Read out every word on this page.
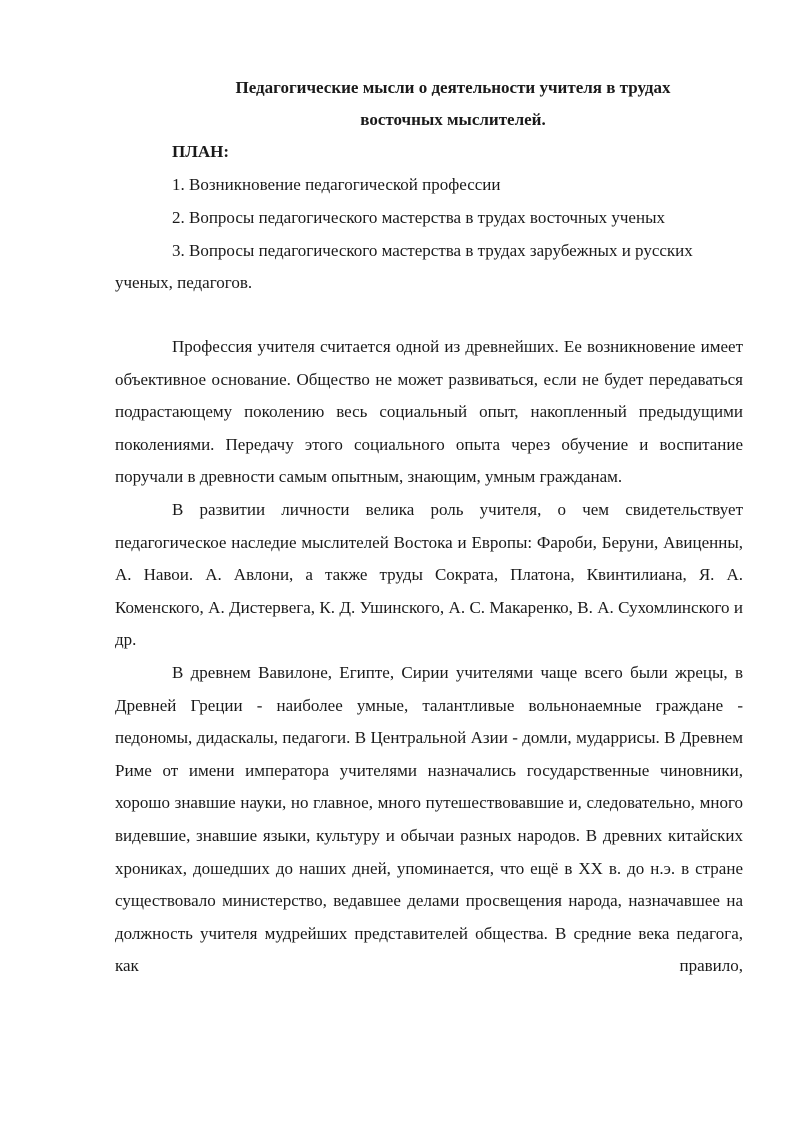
Педагогические мысли о деятельности учителя в трудах
восточных мыслителей.

ПЛАН:

1. Возникновение педагогической профессии

2. Вопросы педагогического мастерства в трудах восточных ученых

3. Вопросы педагогического мастерства в трудах зарубежных и русских ученых, педагогов.

Профессия учителя считается одной из древнейших. Ее возникновение имеет объективное основание. Общество не может развиваться, если не будет передаваться подрастающему поколению весь социальный опыт, накопленный предыдущими поколениями. Передачу этого социального опыта через обучение и воспитание поручали в древности самым опытным, знающим, умным гражданам.

В развитии личности велика роль учителя, о чем свидетельствует педагогическое наследие мыслителей Востока и Европы: Фароби, Беруни, Авиценны, А. Навои. А. Авлони, а также труды Сократа, Платона, Квинтилиана, Я. А. Коменского, А. Дистервега, К. Д. Ушинского, А. С. Макаренко, В. А. Сухомлинского и др.

В древнем Вавилоне, Египте, Сирии учителями чаще всего были жрецы, в Древней Греции - наиболее умные, талантливые вольнонаемные граждане - педономы, дидаскалы, педагоги. В Центральной Азии - домли, мударрисы. В Древнем Риме от имени императора учителями назначались государственные чиновники, хорошо знавшие науки, но главное, много путешествовавшие и, следовательно, много видевшие, знавшие языки, культуру и обычаи разных народов. В древних китайских хрониках, дошедших до наших дней, упоминается, что ещё в XX в. до н.э. в стране существовало министерство, ведавшее делами просвещения народа, назначавшее на должность учителя мудрейших представителей общества. В средние века педагога, как правило,
